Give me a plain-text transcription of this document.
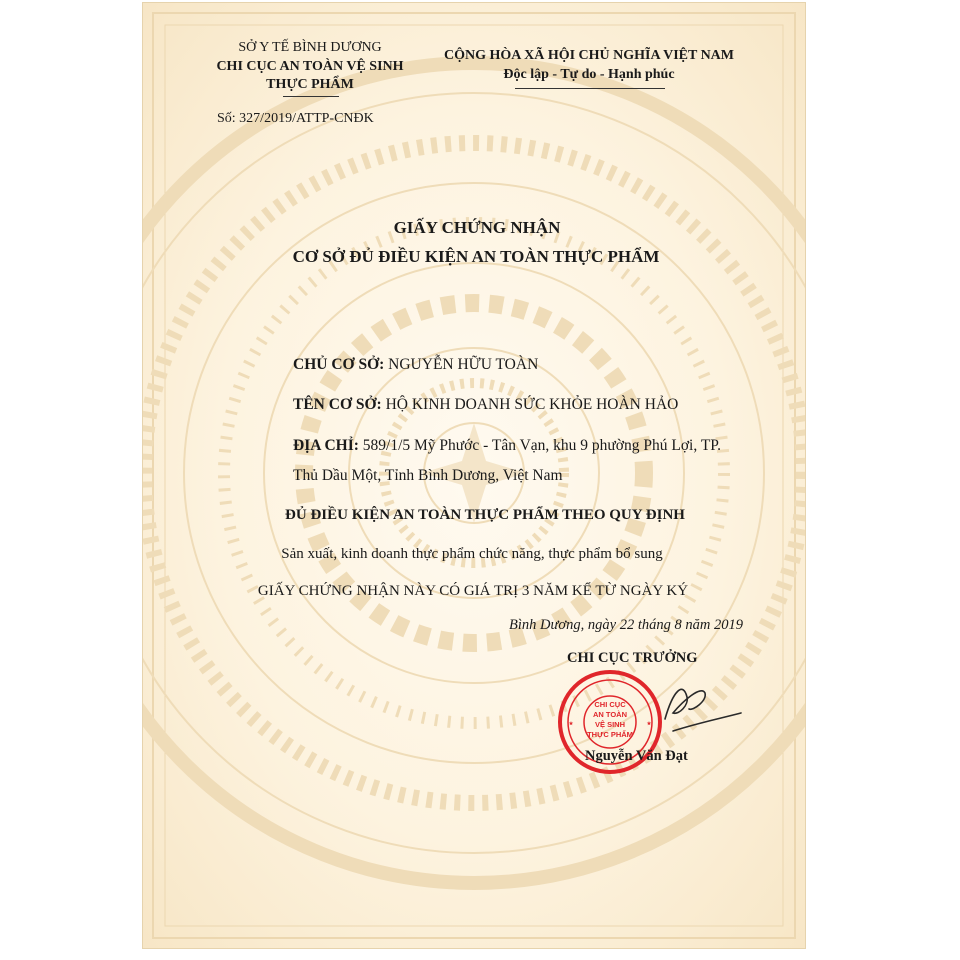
SỞ Y TẾ BÌNH DƯƠNG
CHI CỤC AN TOÀN VỆ SINH
THỰC PHẨM
Số: 327/2019/ATTP-CNĐK
CỘNG HÒA XÃ HỘI CHỦ NGHĨA VIỆT NAM
Độc lập - Tự do - Hạnh phúc
GIẤY CHỨNG NHẬN
CƠ SỞ ĐỦ ĐIỀU KIỆN AN TOÀN THỰC PHẨM
CHỦ CƠ SỞ: NGUYỄN HỮU TOÀN
TÊN CƠ SỞ: HỘ KINH DOANH SỨC KHỎE HOÀN HẢO
ĐỊA CHỈ: 589/1/5 Mỹ Phước - Tân Vạn, khu 9 phường Phú Lợi, TP.
Thủ Dầu Một, Tỉnh Bình Dương, Việt Nam
ĐỦ ĐIỀU KIỆN AN TOÀN THỰC PHẨM THEO QUY ĐỊNH
Sản xuất, kinh doanh thực phẩm chức năng, thực phẩm bổ sung
GIẤY CHỨNG NHẬN NÀY CÓ GIÁ TRỊ 3 NĂM KỂ TỪ NGÀY KÝ
Bình Dương, ngày 22 tháng 8 năm 2019
CHI CỤC TRƯỞNG
CHI CỤC
AN TOÀN
VỆ SINH
THỰC PHẨM
★	★
Nguyễn Văn Đạt
